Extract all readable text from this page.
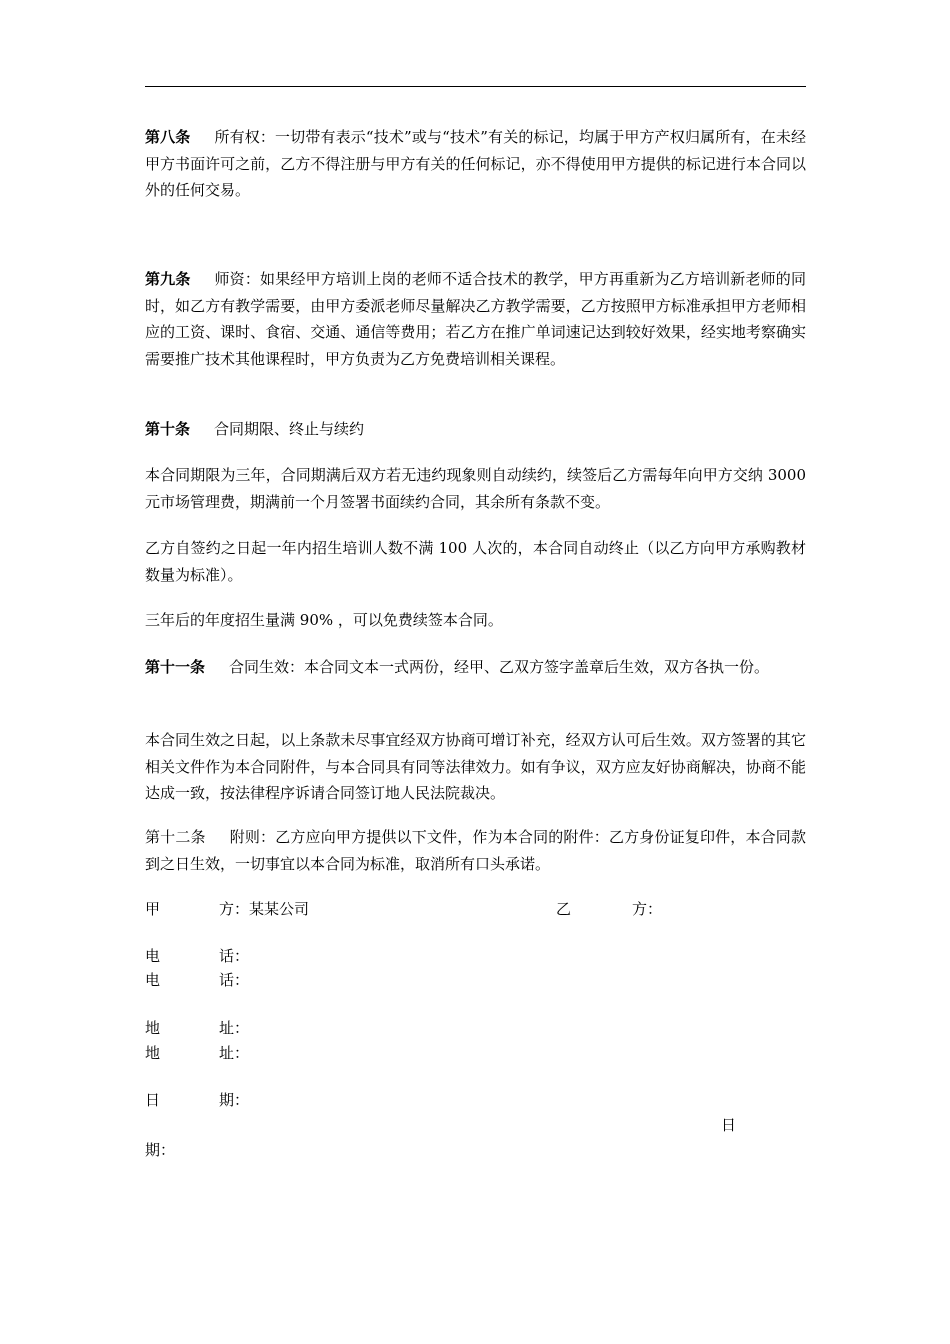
第八条 所有权：一切带有表示“技术”或与“技术”有关的标记，均属于甲方产权归属所有，在未经甲方书面许可之前，乙方不得注册与甲方有关的任何标记，亦不得使用甲方提供的标记进行本合同以外的任何交易。

第九条 师资：如果经甲方培训上岗的老师不适合技术的教学，甲方再重新为乙方培训新老师的同时，如乙方有教学需要，由甲方委派老师尽量解决乙方教学需要，乙方按照甲方标准承担甲方老师相应的工资、课时、食宿、交通、通信等费用；若乙方在推广单词速记达到较好效果，经实地考察确实需要推广技术其他课程时，甲方负责为乙方免费培训相关课程。

第十条 合同期限、终止与续约

本合同期限为三年，合同期满后双方若无违约现象则自动续约，续签后乙方需每年向甲方交纳 3000 元市场管理费，期满前一个月签署书面续约合同，其余所有条款不变。

乙方自签约之日起一年内招生培训人数不满 100 人次的，本合同自动终止（以乙方向甲方承购教材数量为标准）。

三年后的年度招生量满 90% ，可以免费续签本合同。

第十一条 合同生效：本合同文本一式两份，经甲、乙双方签字盖章后生效，双方各执一份。

本合同生效之日起，以上条款未尽事宜经双方协商可增订补充，经双方认可后生效。双方签署的其它相关文件作为本合同附件，与本合同具有同等法律效力。如有争议，双方应友好协商解决，协商不能达成一致，按法律程序诉请合同签订地人民法院裁决。

第十二条 附则：乙方应向甲方提供以下文件，作为本合同的附件：乙方身份证复印件，本合同款到之日生效，一切事宜以本合同为标准，取消所有口头承诺。

甲	方：某某公司	乙	方：
电	话：
电	话：
地	址：
地	址：
日	期：
日
期：
